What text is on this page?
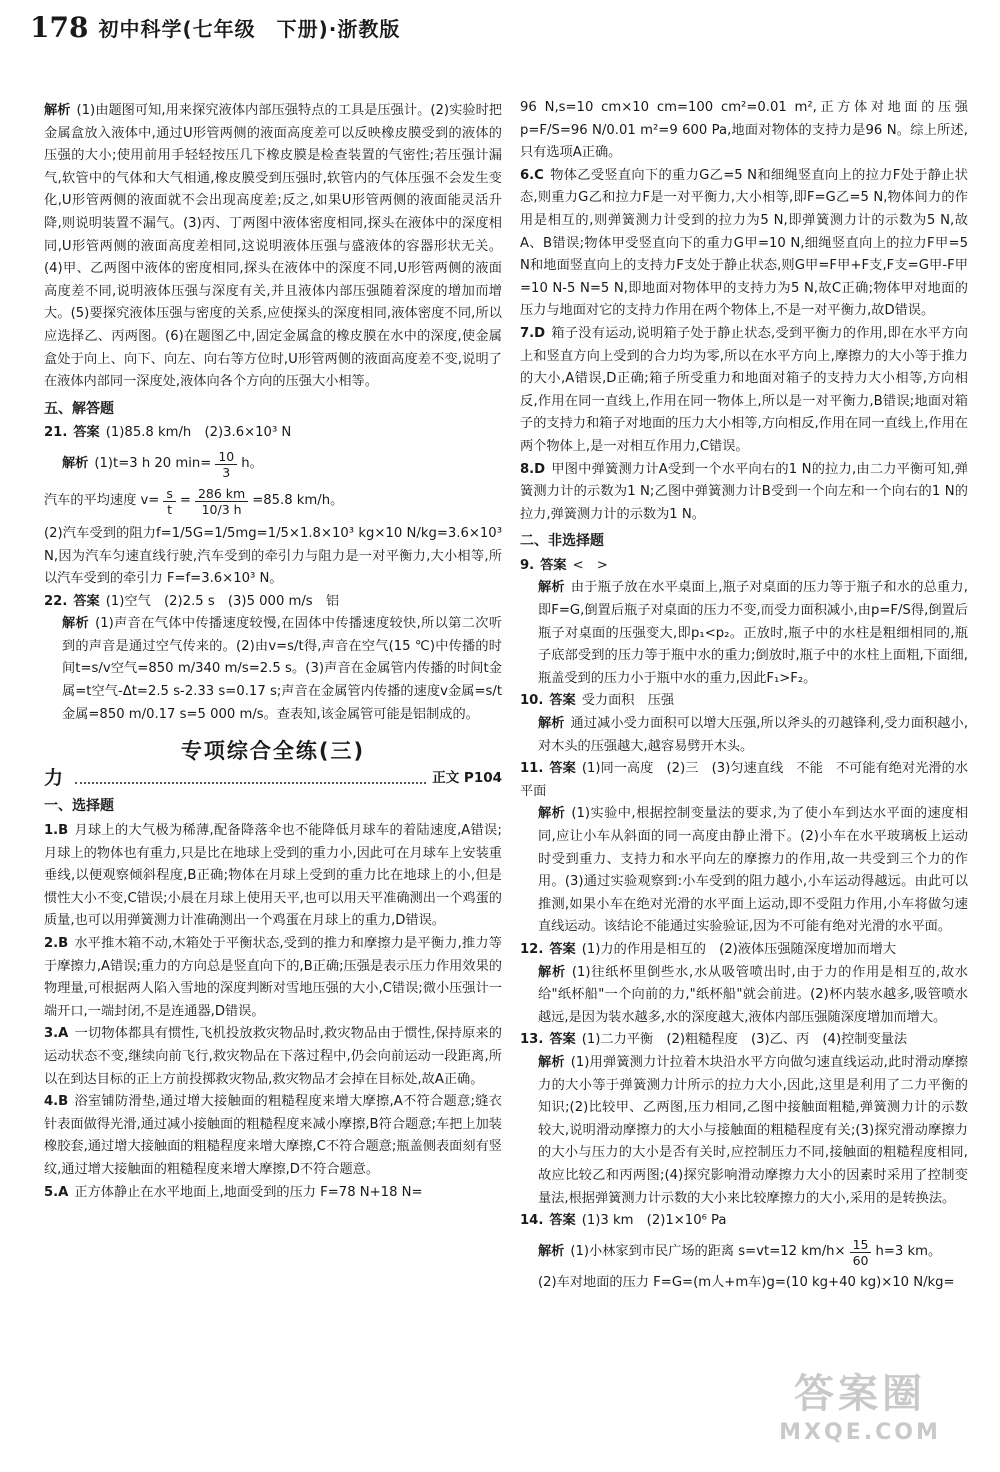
178 初中科学(七年级　下册)·浙教版

解析 (1)由题图可知,用来探究液体内部压强特点的工具是压强计。(2)实验时把金属盒放入液体中,通过U形管两侧的液面高度差可以反映橡皮膜受到的液体的压强的大小;使用前用手轻轻按压几下橡皮膜是检查装置的气密性;若压强计漏气,软管中的气体和大气相通,橡皮膜受到压强时,软管内的气体压强不会发生变化,U形管两侧的液面就不会出现高度差;反之,如果U形管两侧的液面能灵活升降,则说明装置不漏气。(3)丙、丁两图中液体密度相同,探头在液体中的深度相同,U形管两侧的液面高度差相同,这说明液体压强与盛液体的容器形状无关。(4)甲、乙两图中液体的密度相同,探头在液体中的深度不同,U形管两侧的液面高度差不同,说明液体压强与深度有关,并且液体内部压强随着深度的增加而增大。(5)要探究液体压强与密度的关系,应使探头的深度相同,液体密度不同,所以应选择乙、丙两图。(6)在题图乙中,固定金属盒的橡皮膜在水中的深度,使金属盒处于向上、向下、向左、向右等方位时,U形管两侧的液面高度差不变,说明了在液体内部同一深度处,液体向各个方向的压强大小相等。

五、解答题

21. 答案 (1)85.8 km/h　(2)3.6×10³ N

解析 (1)t=3 h 20 $\min= \frac{10}{3}$ h。
汽车的平均速度 $v= \frac{s}{t} = \frac{286 km}{10/3 h} =85.8$ km/h。

(2)汽车受到的阻力f=1/5G=1/5mg=1/5×1.8×10³ kg×10 N/kg=3.6×10³ N,因为汽车匀速直线行驶,汽车受到的牵引力与阻力是一对平衡力,大小相等,所以汽车受到的牵引力 F=f=3.6×10³ N。

22. 答案 (1)空气　(2)2.5 s　(3)5 000 m/s　铝

解析 (1)声音在气体中传播速度较慢,在固体中传播速度较快,所以第二次听到的声音是通过空气传来的。(2)由v=s/t得,声音在空气(15 ℃)中传播的时间t=s/v空气=850 m/340 m/s=2.5 s。(3)声音在金属管内传播的时间t金属=t空气-Δt=2.5 s-2.33 s=0.17 s;声音在金属管内传播的速度v金属=s/t金属=850 m/0.17 s=5 000 m/s。查表知,该金属管可能是铝制成的。

专项综合全练(三)
力	正文 P104
一、选择题

1.B 月球上的大气极为稀薄,配备降落伞也不能降低月球车的着陆速度,A错误;月球上的物体也有重力,只是比在地球上受到的重力小,因此可在月球车上安装重垂线,以便观察倾斜程度,B正确;物体在月球上受到的重力比在地球上的小,但是惯性大小不变,C错误;小晨在月球上使用天平,也可以用天平准确测出一个鸡蛋的质量,也可以用弹簧测力计准确测出一个鸡蛋在月球上的重力,D错误。

2.B 水平推木箱不动,木箱处于平衡状态,受到的推力和摩擦力是平衡力,推力等于摩擦力,A错误;重力的方向总是竖直向下的,B正确;压强是表示压力作用效果的物理量,可根据两人陷入雪地的深度判断对雪地压强的大小,C错误;微小压强计一端开口,一端封闭,不是连通器,D错误。

3.A 一切物体都具有惯性,飞机投放救灾物品时,救灾物品由于惯性,保持原来的运动状态不变,继续向前飞行,救灾物品在下落过程中,仍会向前运动一段距离,所以在到达目标的正上方前投掷救灾物品,救灾物品才会掉在目标处,故A正确。

4.B 浴室铺防滑垫,通过增大接触面的粗糙程度来增大摩擦,A不符合题意;缝衣针表面做得光滑,通过减小接触面的粗糙程度来减小摩擦,B符合题意;车把上加装橡胶套,通过增大接触面的粗糙程度来增大摩擦,C不符合题意;瓶盖侧表面刻有竖纹,通过增大接触面的粗糙程度来增大摩擦,D不符合题意。

5.A 正方体静止在水平地面上,地面受到的压力 F=78 N+18 N=

96 N,s=10 cm×10 cm=100 cm²=0.01 m²,正方体对地面的压强 p=F/S=96 N/0.01 m²=9 600 Pa,地面对物体的支持力是96 N。综上所述,只有选项A正确。

6.C 物体乙受竖直向下的重力G乙=5 N和细绳竖直向上的拉力F处于静止状态,则重力G乙和拉力F是一对平衡力,大小相等,即F=G乙=5 N,物体间力的作用是相互的,则弹簧测力计受到的拉力为5 N,即弹簧测力计的示数为5 N,故A、B错误;物体甲受竖直向下的重力G甲=10 N,细绳竖直向上的拉力F甲=5 N和地面竖直向上的支持力F支处于静止状态,则G甲=F甲+F支,F支=G甲-F甲=10 N-5 N=5 N,即地面对物体甲的支持力为5 N,故C正确;物体甲对地面的压力与地面对它的支持力作用在两个物体上,不是一对平衡力,故D错误。

7.D 箱子没有运动,说明箱子处于静止状态,受到平衡力的作用,即在水平方向上和竖直方向上受到的合力均为零,所以在水平方向上,摩擦力的大小等于推力的大小,A错误,D正确;箱子所受重力和地面对箱子的支持力大小相等,方向相反,作用在同一直线上,作用在同一物体上,所以是一对平衡力,B错误;地面对箱子的支持力和箱子对地面的压力大小相等,方向相反,作用在同一直线上,作用在两个物体上,是一对相互作用力,C错误。

8.D 甲图中弹簧测力计A受到一个水平向右的1 N的拉力,由二力平衡可知,弹簧测力计的示数为1 N;乙图中弹簧测力计B受到一个向左和一个向右的1 N的拉力,弹簧测力计的示数为1 N。

二、非选择题

9. 答案 <　>

解析 由于瓶子放在水平桌面上,瓶子对桌面的压力等于瓶子和水的总重力,即F=G,倒置后瓶子对桌面的压力不变,而受力面积减小,由p=F/S得,倒置后瓶子对桌面的压强变大,即p₁<p₂。正放时,瓶子中的水柱是粗细相同的,瓶子底部受到的压力等于瓶中水的重力;倒放时,瓶子中的水柱上面粗,下面细,瓶盖受到的压力小于瓶中水的重力,因此F₁>F₂。

10. 答案 受力面积　压强

解析 通过减小受力面积可以增大压强,所以斧头的刃越锋利,受力面积越小,对木头的压强越大,越容易劈开木头。

11. 答案 (1)同一高度　(2)三　(3)匀速直线　不能　不可能有绝对光滑的水平面

解析 (1)实验中,根据控制变量法的要求,为了使小车到达水平面的速度相同,应让小车从斜面的同一高度由静止滑下。(2)小车在水平玻璃板上运动时受到重力、支持力和水平向左的摩擦力的作用,故一共受到三个力的作用。(3)通过实验观察到:小车受到的阻力越小,小车运动得越远。由此可以推测,如果小车在绝对光滑的水平面上运动,即不受阻力作用,小车将做匀速直线运动。该结论不能通过实验验证,因为不可能有绝对光滑的水平面。

12. 答案 (1)力的作用是相互的　(2)液体压强随深度增加而增大

解析 (1)往纸杯里倒些水,水从吸管喷出时,由于力的作用是相互的,故水给"纸杯船"一个向前的力,"纸杯船"就会前进。(2)杯内装水越多,吸管喷水越远,是因为装水越多,水的深度越大,液体内部压强随深度增加而增大。

13. 答案 (1)二力平衡　(2)粗糙程度　(3)乙、丙　(4)控制变量法

解析 (1)用弹簧测力计拉着木块沿水平方向做匀速直线运动,此时滑动摩擦力的大小等于弹簧测力计所示的拉力大小,因此,这里是利用了二力平衡的知识;(2)比较甲、乙两图,压力相同,乙图中接触面粗糙,弹簧测力计的示数较大,说明滑动摩擦力的大小与接触面的粗糙程度有关;(3)探究滑动摩擦力的大小与压力的大小是否有关时,应控制压力不同,接触面的粗糙程度相同,故应比较乙和丙两图;(4)探究影响滑动摩擦力大小的因素时采用了控制变量法,根据弹簧测力计示数的大小来比较摩擦力的大小,采用的是转换法。

14. 答案 (1)3 km　(2)1×10⁶ Pa

解析 (1)小林家到市民广场的距离 s=vt=12 $km/h\times \frac{15}{60} h=3$ km。

(2)车对地面的压力 F=G=(m人+m车)g=(10 kg+40 kg)×10 N/kg=

答案圈
MXQE.COM
